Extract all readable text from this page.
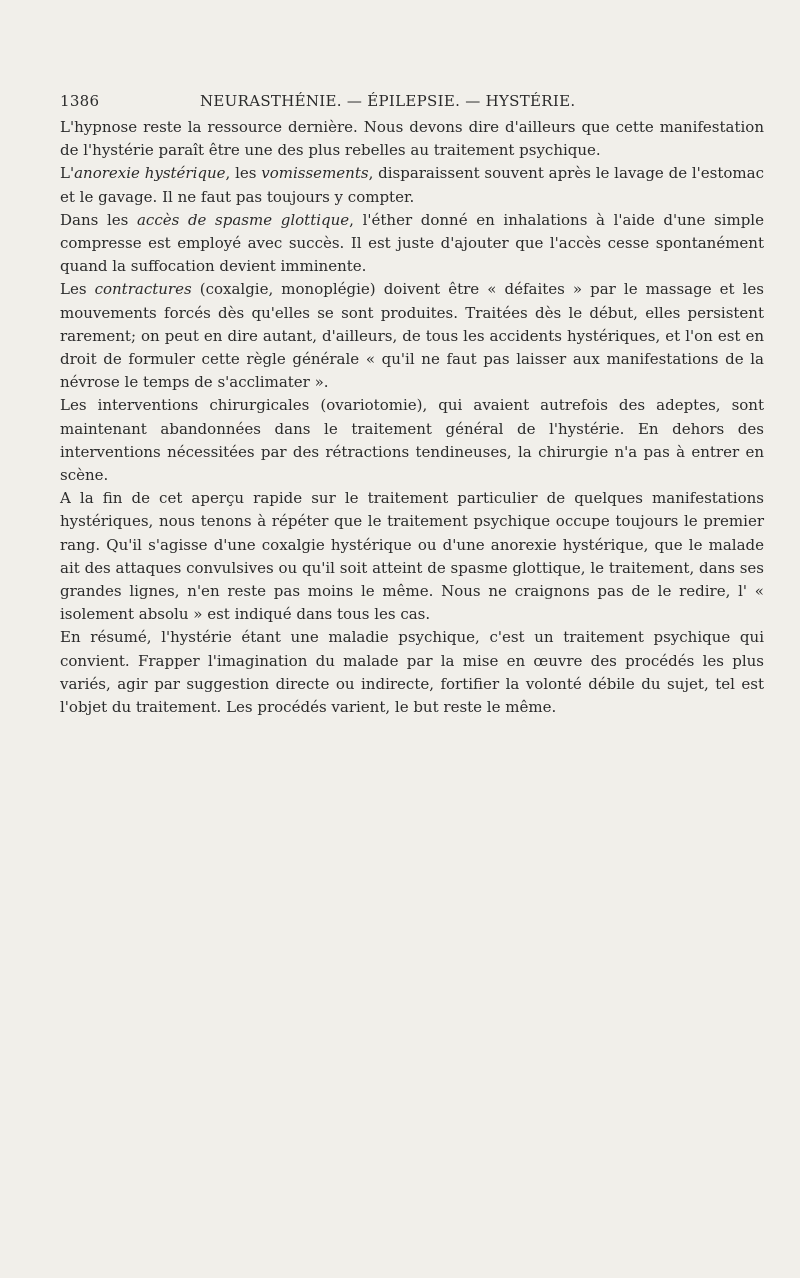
1386	NEURASTHÉNIE. — ÉPILEPSIE. — HYSTÉRIE.

L'hypnose reste la ressource dernière. Nous devons dire d'ailleurs que cette manifestation de l'hystérie paraît être une des plus rebelles au traitement psychique.

L'anorexie hystérique, les vomissements, disparaissent souvent après le lavage de l'estomac et le gavage. Il ne faut pas toujours y compter.

Dans les accès de spasme glottique, l'éther donné en inhalations à l'aide d'une simple compresse est employé avec succès. Il est juste d'ajouter que l'accès cesse spontanément quand la suffocation devient imminente.

Les contractures (coxalgie, monoplégie) doivent être « défaites » par le massage et les mouvements forcés dès qu'elles se sont produites. Traitées dès le début, elles persistent rarement; on peut en dire autant, d'ailleurs, de tous les accidents hystériques, et l'on est en droit de formuler cette règle générale « qu'il ne faut pas laisser aux manifestations de la névrose le temps de s'acclimater ».

Les interventions chirurgicales (ovariotomie), qui avaient autrefois des adeptes, sont maintenant abandonnées dans le traitement général de l'hystérie. En dehors des interventions nécessitées par des rétractions tendineuses, la chirurgie n'a pas à entrer en scène.

A la fin de cet aperçu rapide sur le traitement particulier de quelques manifestations hystériques, nous tenons à répéter que le traitement psychique occupe toujours le premier rang. Qu'il s'agisse d'une coxalgie hystérique ou d'une anorexie hystérique, que le malade ait des attaques convulsives ou qu'il soit atteint de spasme glottique, le traitement, dans ses grandes lignes, n'en reste pas moins le même. Nous ne craignons pas de le redire, l' « isolement absolu » est indiqué dans tous les cas.

En résumé, l'hystérie étant une maladie psychique, c'est un traitement psychique qui convient. Frapper l'imagination du malade par la mise en œuvre des procédés les plus variés, agir par suggestion directe ou indirecte, fortifier la volonté débile du sujet, tel est l'objet du traitement. Les procédés varient, le but reste le même.
